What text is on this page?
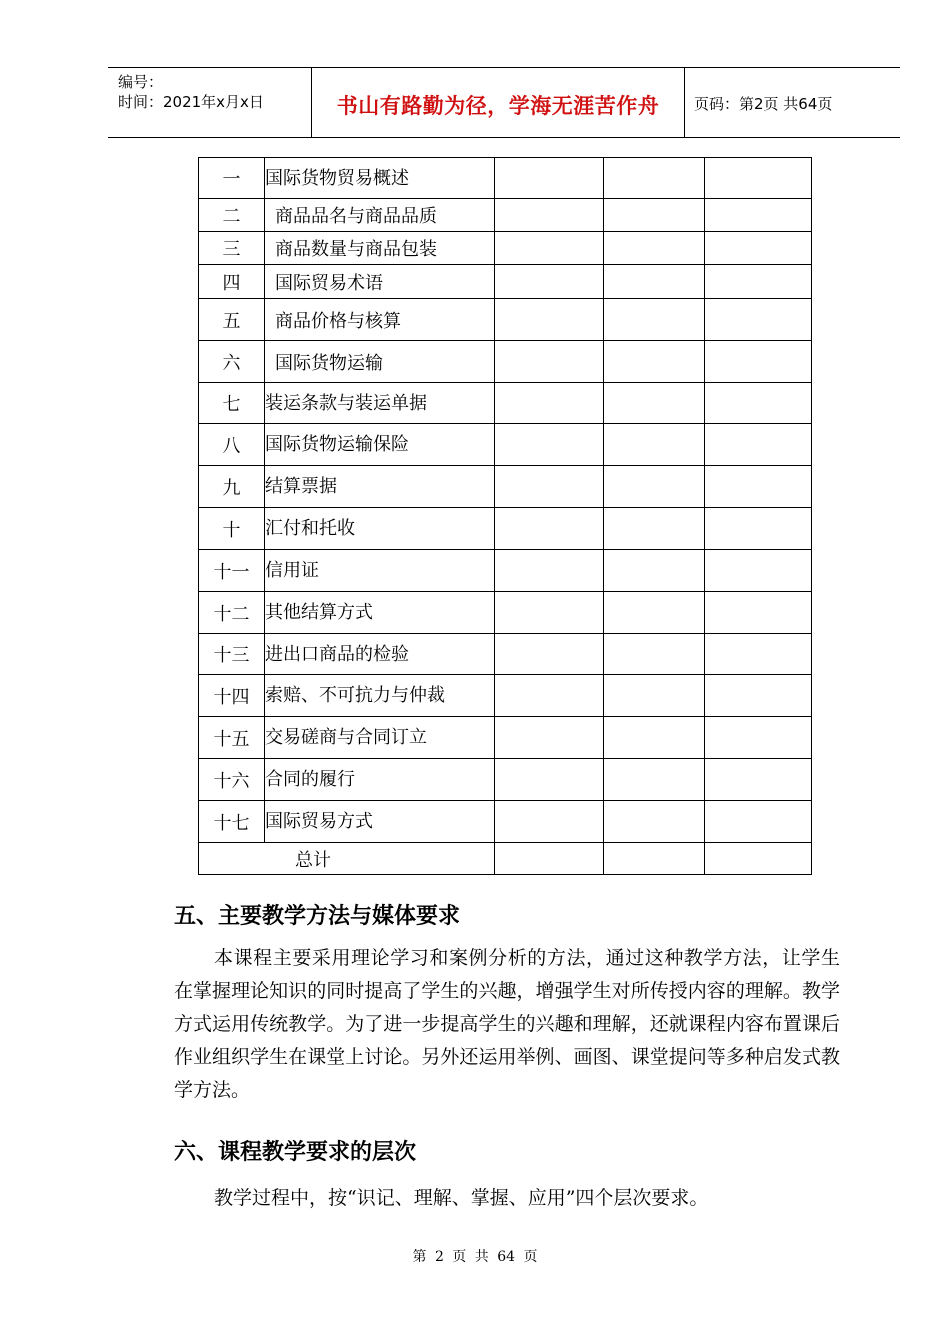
编号：
时间：2021年x月x日	书山有路勤为径，学海无涯苦作舟	页码：第2页 共64页
一	国际货物贸易概述			
二	商品品名与商品品质			
三	商品数量与商品包装			
四	国际贸易术语			
五	商品价格与核算			
六	国际货物运输			
七	装运条款与装运单据			
八	国际货物运输保险			
九	结算票据			
十	汇付和托收			
十一	信用证			
十二	其他结算方式			
十三	进出口商品的检验			
十四	索赔、不可抗力与仲裁			
十五	交易磋商与合同订立			
十六	合同的履行			
十七	国际贸易方式			
总计				
五、主要教学方法与媒体要求
本课程主要采用理论学习和案例分析的方法，通过这种教学方法，让学生在掌握理论知识的同时提高了学生的兴趣，增强学生对所传授内容的理解。教学方式运用传统教学。为了进一步提高学生的兴趣和理解，还就课程内容布置课后作业组织学生在课堂上讨论。另外还运用举例、画图、课堂提问等多种启发式教学方法。
六、课程教学要求的层次
教学过程中，按“识记、理解、掌握、应用”四个层次要求。
第 2 页 共 64 页
